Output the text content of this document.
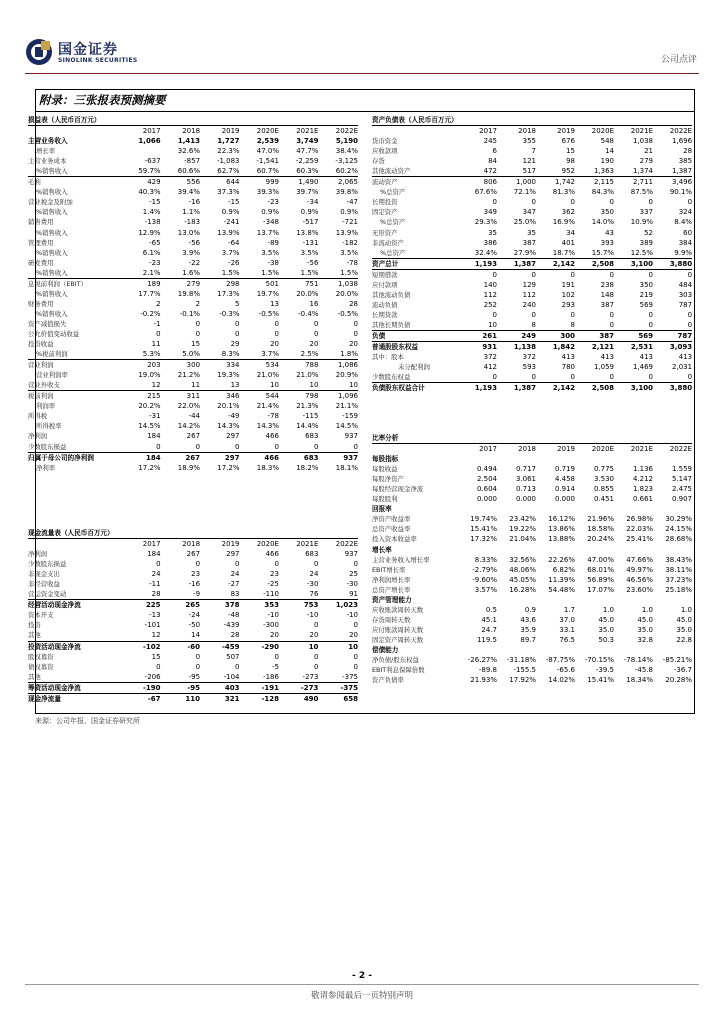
国金证券
SINOLINK SECURITIES	公司点评
附录：三张报表预测摘要
损益表（人民币百万元）						
	2017	2018	2019	2020E	2021E	2022E
主营业务收入	1,066	1,413	1,727	2,539	3,749	5,190
增长率		32.6%	22.3%	47.0%	47.7%	38.4%
主营业务成本	-637	-857	-1,083	-1,541	-2,259	-3,125
%销售收入	59.7%	60.6%	62.7%	60.7%	60.3%	60.2%
毛利	429	556	644	999	1,490	2,065
%销售收入	40.3%	39.4%	37.3%	39.3%	39.7%	39.8%
营业税金及附加	-15	-16	-15	-23	-34	-47
%销售收入	1.4%	1.1%	0.9%	0.9%	0.9%	0.9%
销售费用	-138	-183	-241	-348	-517	-721
%销售收入	12.9%	13.0%	13.9%	13.7%	13.8%	13.9%
管理费用	-65	-56	-64	-89	-131	-182
%销售收入	6.1%	3.9%	3.7%	3.5%	3.5%	3.5%
研发费用	-23	-22	-26	-38	-56	-78
%销售收入	2.1%	1.6%	1.5%	1.5%	1.5%	1.5%
息税前利润（EBIT）	189	279	298	501	751	1,038
%销售收入	17.7%	19.8%	17.3%	19.7%	20.0%	20.0%
财务费用	2	2	5	13	16	28
%销售收入	-0.2%	-0.1%	-0.3%	-0.5%	-0.4%	-0.5%
资产减值损失	-1	0	0	0	0	0
公允价值变动收益	0	0	0	0	0	0
投资收益	11	15	29	20	20	20
%税前利润	5.3%	5.0%	8.3%	3.7%	2.5%	1.8%
营业利润	203	300	334	534	788	1,086
营业利润率	19.0%	21.2%	19.3%	21.0%	21.0%	20.9%
营业外收支	12	11	13	10	10	10
税前利润	215	311	346	544	798	1,096
利润率	20.2%	22.0%	20.1%	21.4%	21.3%	21.1%
所得税	-31	-44	-49	-78	-115	-159
所得税率	14.5%	14.2%	14.3%	14.3%	14.4%	14.5%
净利润	184	267	297	466	683	937
少数股东损益	0	0	0	0	0	0
归属于母公司的净利润	184	267	297	466	683	937
净利率	17.2%	18.9%	17.2%	18.3%	18.2%	18.1%
现金流量表（人民币百万元）						
	2017	2018	2019	2020E	2021E	2022E
净利润	184	267	297	466	683	937
少数股东损益	0	0	0	0	0	0
非现金支出	24	23	24	23	24	25
非经营收益	-11	-16	-27	-25	-30	-30
营运资金变动	28	-9	83	-110	76	91
经营活动现金净流	225	265	378	353	753	1,023
资本开支	-13	-24	-48	-10	-10	-10
投资	-101	-50	-439	-300	0	0
其他	12	14	28	20	20	20
投资活动现金净流	-102	-60	-459	-290	10	10
股权募资	15	0	507	0	0	0
债权募资	0	0	0	-5	0	0
其他	-206	-95	-104	-186	-273	-375
筹资活动现金净流	-190	-95	403	-191	-273	-375
现金净流量	-67	110	321	-128	490	658
资产负债表（人民币百万元）						
	2017	2018	2019	2020E	2021E	2022E
货币资金	245	355	676	548	1,038	1,696
应收款项	6	7	15	14	21	28
存货	84	121	98	190	279	385
其他流动资产	472	517	952	1,363	1,374	1,387
流动资产	806	1,000	1,742	2,115	2,711	3,496
%总资产	67.6%	72.1%	81.3%	84.3%	87.5%	90.1%
长期投资	0	0	0	0	0	0
固定资产	349	347	362	350	337	324
%总资产	29.3%	25.0%	16.9%	14.0%	10.9%	8.4%
无形资产	35	35	34	43	52	60
非流动资产	386	387	401	393	389	384
%总资产	32.4%	27.9%	18.7%	15.7%	12.5%	9.9%
资产总计	1,193	1,387	2,142	2,508	3,100	3,880
短期借款	0	0	0	0	0	0
应付款项	140	129	191	238	350	484
其他流动负债	112	112	102	148	219	303
流动负债	252	240	293	387	569	787
长期贷款	0	0	0	0	0	0
其他长期负债	10	8	8	0	0	0
负债	261	249	300	387	569	787
普通股股东权益	931	1,138	1,842	2,121	2,531	3,093
其中：股本	372	372	413	413	413	413
未分配利润	412	593	780	1,059	1,469	2,031
少数股东权益	0	0	0	0	0	0
负债股东权益合计	1,193	1,387	2,142	2,508	3,100	3,880
比率分析						
	2017	2018	2019	2020E	2021E	2022E
每股指标						
每股收益	0.494	0.717	0.719	0.775	1.136	1.559
每股净资产	2.504	3.061	4.458	3.530	4.212	5.147
每股经营现金净流	0.604	0.713	0.914	0.855	1.823	2.475
每股股利	0.000	0.000	0.000	0.451	0.661	0.907
回报率						
净资产收益率	19.74%	23.42%	16.12%	21.96%	26.98%	30.29%
总资产收益率	15.41%	19.22%	13.86%	18.58%	22.03%	24.15%
投入资本收益率	17.32%	21.04%	13.88%	20.24%	25.41%	28.68%
增长率						
主营业务收入增长率	8.33%	32.56%	22.26%	47.00%	47.66%	38.43%
EBIT增长率	-2.79%	48.06%	6.82%	68.01%	49.97%	38.11%
净利润增长率	-9.60%	45.05%	11.39%	56.89%	46.56%	37.23%
总资产增长率	3.57%	16.28%	54.48%	17.07%	23.60%	25.18%
资产管理能力						
应收账款周转天数	0.5	0.9	1.7	1.0	1.0	1.0
存货周转天数	45.1	43.6	37.0	45.0	45.0	45.0
应付账款周转天数	24.7	35.9	33.1	35.0	35.0	35.0
固定资产周转天数	119.5	89.7	76.5	50.3	32.8	22.8
偿债能力						
净负债/股东权益	-26.27%	-31.18%	-87.75%	-70.15%	-78.14%	-85.21%
EBIT利息保障倍数	-89.8	-155.5	-65.6	-39.5	-45.8	-36.7
资产负债率	21.93%	17.92%	14.02%	15.41%	18.34%	20.28%
来源：公司年报、国金证券研究所
- 2 -
敬请参阅最后一页特别声明
